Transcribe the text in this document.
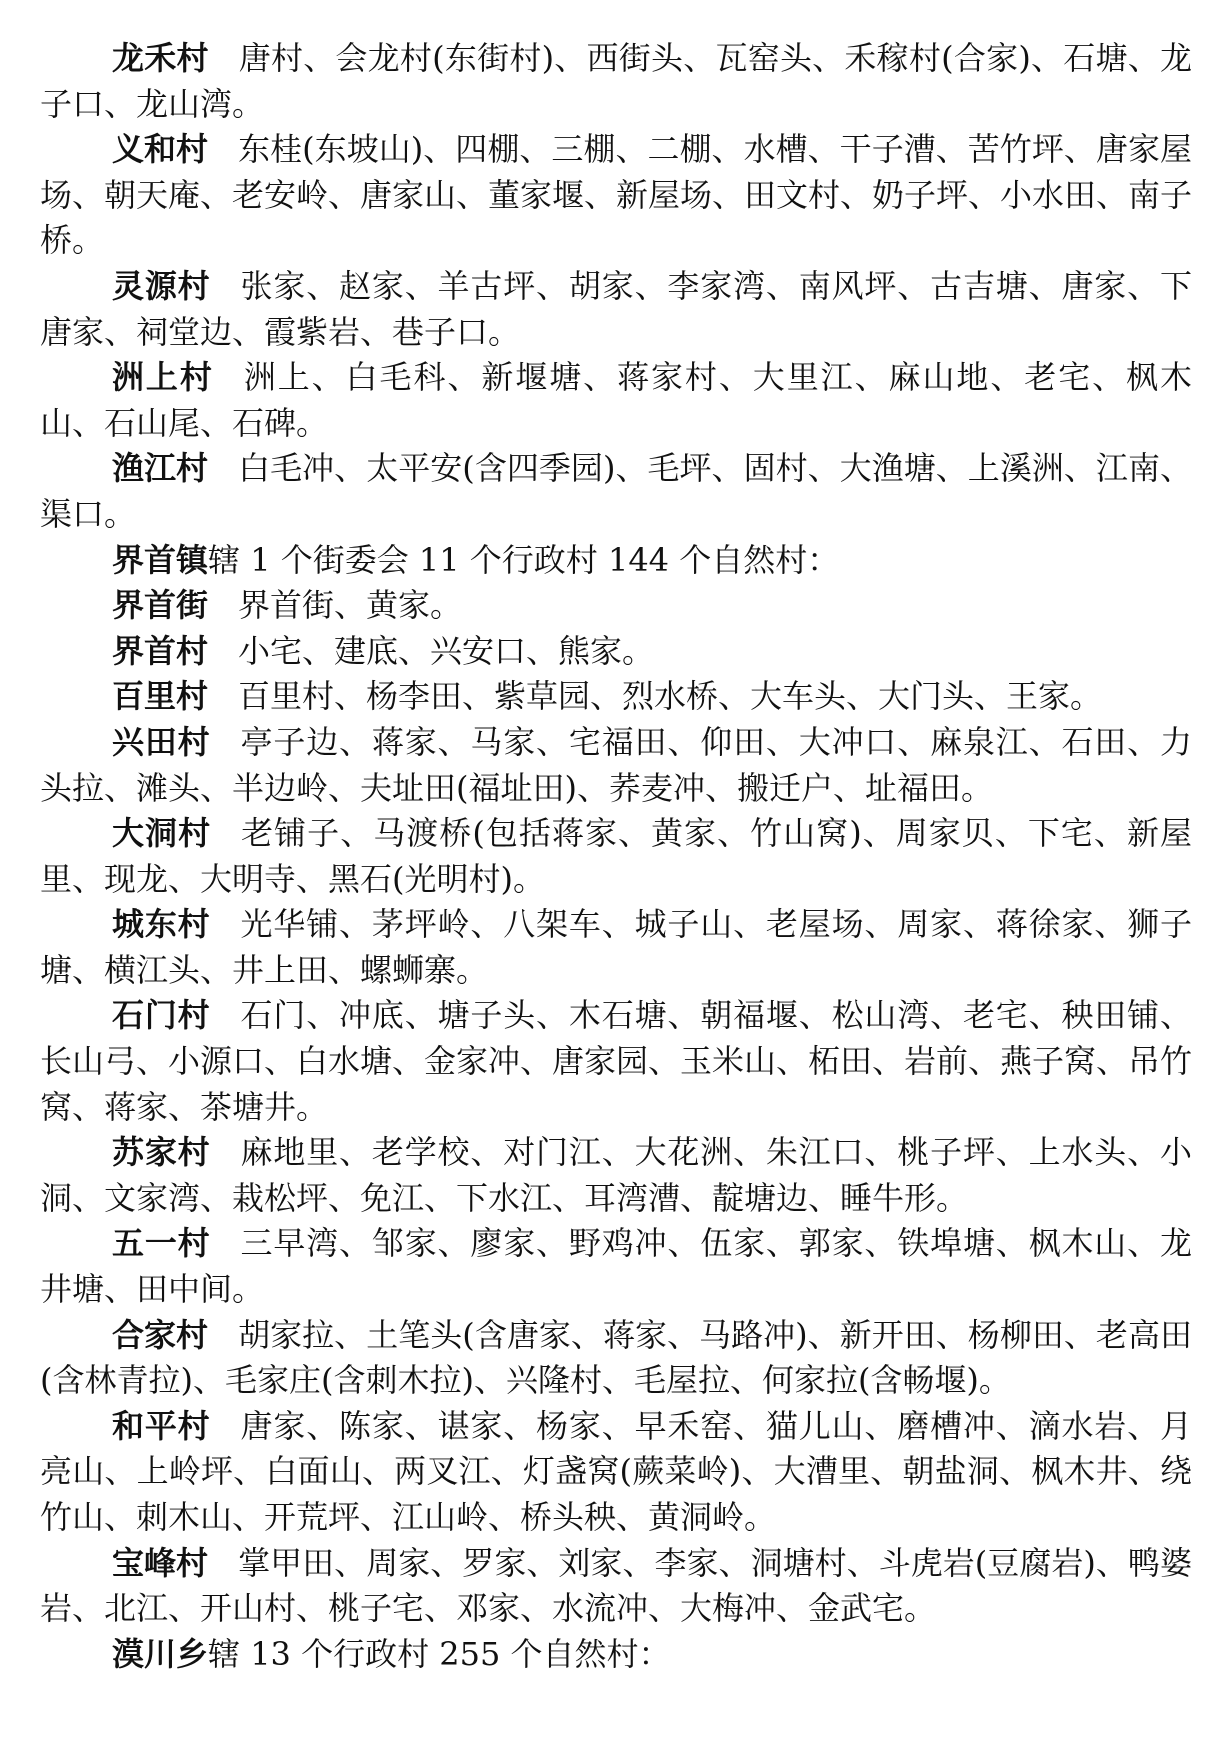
龙禾村 唐村、会龙村(东街村)、西街头、瓦窑头、禾稼村(合家)、石塘、龙子口、龙山湾。

义和村 东桂(东坡山)、四棚、三棚、二棚、水槽、干子漕、苦竹坪、唐家屋场、朝天庵、老安岭、唐家山、董家堰、新屋场、田文村、奶子坪、小水田、南子桥。

灵源村 张家、赵家、羊古坪、胡家、李家湾、南风坪、古吉塘、唐家、下唐家、祠堂边、霞紫岩、巷子口。

洲上村 洲上、白毛科、新堰塘、蒋家村、大里江、麻山地、老宅、枫木山、石山尾、石碑。

渔江村 白毛冲、太平安(含四季园)、毛坪、固村、大渔塘、上溪洲、江南、渠口。

界首镇辖 1 个街委会 11 个行政村 144 个自然村：

界首街 界首街、黄家。

界首村 小宅、建底、兴安口、熊家。

百里村 百里村、杨李田、紫草园、烈水桥、大车头、大门头、王家。

兴田村 亭子边、蒋家、马家、宅福田、仰田、大冲口、麻泉江、石田、力头拉、滩头、半边岭、夫址田(福址田)、荞麦冲、搬迁户、址福田。

大洞村 老铺子、马渡桥(包括蒋家、黄家、竹山窝)、周家贝、下宅、新屋里、现龙、大明寺、黑石(光明村)。

城东村 光华铺、茅坪岭、八架车、城子山、老屋场、周家、蒋徐家、狮子塘、横江头、井上田、螺蛳寨。

石门村 石门、冲底、塘子头、木石塘、朝福堰、松山湾、老宅、秧田铺、长山弓、小源口、白水塘、金家冲、唐家园、玉米山、柘田、岩前、燕子窝、吊竹窝、蒋家、茶塘井。

苏家村 麻地里、老学校、对门江、大花洲、朱江口、桃子坪、上水头、小洞、文家湾、栽松坪、免江、下水江、耳湾漕、靛塘边、睡牛形。

五一村 三早湾、邹家、廖家、野鸡冲、伍家、郭家、铁埠塘、枫木山、龙井塘、田中间。

合家村 胡家拉、土笔头(含唐家、蒋家、马路冲)、新开田、杨柳田、老高田(含林青拉)、毛家庄(含刺木拉)、兴隆村、毛屋拉、何家拉(含畅堰)。

和平村 唐家、陈家、谌家、杨家、早禾窑、猫儿山、磨槽冲、滴水岩、月亮山、上岭坪、白面山、两叉江、灯盏窝(蕨菜岭)、大漕里、朝盐洞、枫木井、绕竹山、刺木山、开荒坪、江山岭、桥头秧、黄洞岭。

宝峰村 掌甲田、周家、罗家、刘家、李家、洞塘村、斗虎岩(豆腐岩)、鸭婆岩、北江、开山村、桃子宅、邓家、水流冲、大梅冲、金武宅。

漠川乡辖 13 个行政村 255 个自然村：
